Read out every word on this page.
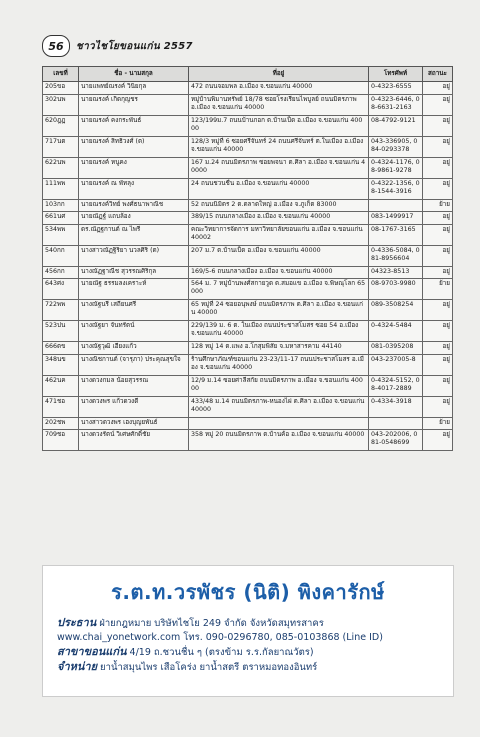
56	ชาวไชโยขอนแก่น 2557
เลขที่	ชื่อ - นามสกุล	ที่อยู่	โทรศัพท์	สถานะ
205ขอ	นายแพทย์ณรงค์ วินิยกุล	472 ถนนจอมพล อ.เมือง จ.ขอนแก่น 40000	0-4323-6555	อยู่
302นพ	นายณรงค์ เกิดกุญชร	หมู่บ้านพิมานทรัพย์ 18/78 ซอยโรงเรียนไพบูลย์ ถนนมิตรภาพ อ.เมือง จ.ขอนแก่น 40000	0-4323-6446, 08-6631-2163	อยู่
620ฎฏ	นายณรงค์ คงกระพันธ์	123/199ม.7 ถนนบ้านกอก ต.บ้านเป็ด อ.เมือง จ.ขอนแก่น 40000	08-4792-9121	อยู่
717นต	นายณรงค์ สิทธิวงศ์ (ต)	128/3 หมู่ที่ 6 ซอยศรีจันทร์ 24 ถนนศรีจันทร์ ต.ในเมือง อ.เมือง จ.ขอนแก่น 40000	043-336905, 084-0293378	อยู่
622นพ	นายณรงค์ หนูคง	167 ม.24 ถนนมิตรภาพ ซอยพจนา ต.ศิลา อ.เมือง จ.ขอนแก่น 40000	0-4324-1176, 08-9861-9278	อยู่
111พพ	นายณรงค์ ณ พัทลุง	24 ถนนชวนชื่น อ.เมือง จ.ขอนแก่น 40000	0-4322-1356, 08-1544-3916	อยู่
103กก	นายณรงค์วิทย์ พงศ์ธนาพาณิช	52 ถนนนิมิตร 2 ต.ตลาดใหญ่ อ.เมือง จ.ภูเก็ต 83000		ย้าย
661นศ	นายณัฏฐ์ แถบล้อง	389/15 ถนนกลางเมือง อ.เมือง จ.ขอนแก่น 40000	083-1499917	อยู่
534พพ	ดร.ณัฏฐกานต์ ณ ไพรี	คณะวิทยาการจัดการ มหาวิทยาลัยขอนแก่น อ.เมือง จ.ขอนแก่น 40002	08-1767-3165	อยู่
540กก	นางสาวณัฏฐิริยา นวลศิริ (ต)	207 ม.7 ต.บ้านเป็ด อ.เมือง จ.ขอนแก่น 40000	0-4336-5084, 081-8956604	อยู่
456กก	นางณัฏฐาณีช สุวรรณศิริกุล	169/5-6 ถนนกลางเมือง อ.เมือง จ.ขอนแก่น 40000	04323-8513	อยู่
643ศง	นายณัฐ ธรรมลงเคราะห์	564 ม. 7 หมู่บ้านพงศ์สกายวูด ต.สมอแข อ.เมือง จ.พิษณุโลก 65000	08-9703-9980	ย้าย
722พพ	นางณัฐนรี เสถียนศรี	65 หมู่ที่ 24 ซอยอนุพงษ์ ถนนมิตรภาพ ต.ศิลา อ.เมือง จ.ขอนแก่น 40000	089-3508254	อยู่
523ปน	นางณัฐยา จันทรัตน์	229/139 ม. 6 ต. ในเมือง ถนนประชาสโมสร ซอย 54 อ.เมือง จ.ขอนแก่น 40000	0-4324-5484	อยู่
666ตข	นางณัฐวุฒิ เฮียงแก้ว	128 หมู่ 14 ต.แพง อ.โกสุมพิสัย จ.มหาสารคาม 44140	081-0395208	อยู่
348นข	นางณิชกานต์ (จารุภา) ประคุณสุขใจ	ร้านศึกษาภัณฑ์ขอนแก่น 23-23/11-17 ถนนประชาสโมสร อ.เมือง จ.ขอนแก่น 40000	043-237005-8	อยู่
462นค	นางดวงกมล น้อยสุวรรณ	12/9 ม.14 ซอยศาลีสกัย ถนนมิตรภาพ อ.เมือง จ.ขอนแก่น 40000	0-4324-5152, 08-4017-2889	อยู่
471ชอ	นางดวงพร แก้วดวงดี	433/48 ม.14 ถนนมิตรภาพ-หนองไผ่ ต.ศิลา อ.เมือง จ.ขอนแก่น 40000	0-4334-3918	อยู่
202ชพ	นางสาวดวงพร เฮงบุญยพันธ์			ย้าย
709ชอ	นางดวงรัตน์ วิเศษศักดิ์ชัย	358 หมู่ 20 ถนนมิตรภาพ ต.บ้านค้อ อ.เมือง จ.ขอนแก่น 40000	043-202006, 081-0548699	อยู่
ร.ต.ท.วรพัชร (นิติ) พิงคารักษ์
ประธาน ฝ่ายกฎหมาย บริษัทไชโย 249 จำกัด จังหวัดสมุทรสาคร
www.chai_yonetwork.com โทร. 090-0296780, 085-0103868 (Line ID)
สาขาขอนแก่น 4/19 ถ.ชวนชื่น ๆ (ตรงข้าม ร.ร.กัลยาณวัตร)
จำหน่าย ยาน้ำสมุนไพร เสือโคร่ง ยาน้ำสตรี ตราหมอทองอินทร์
